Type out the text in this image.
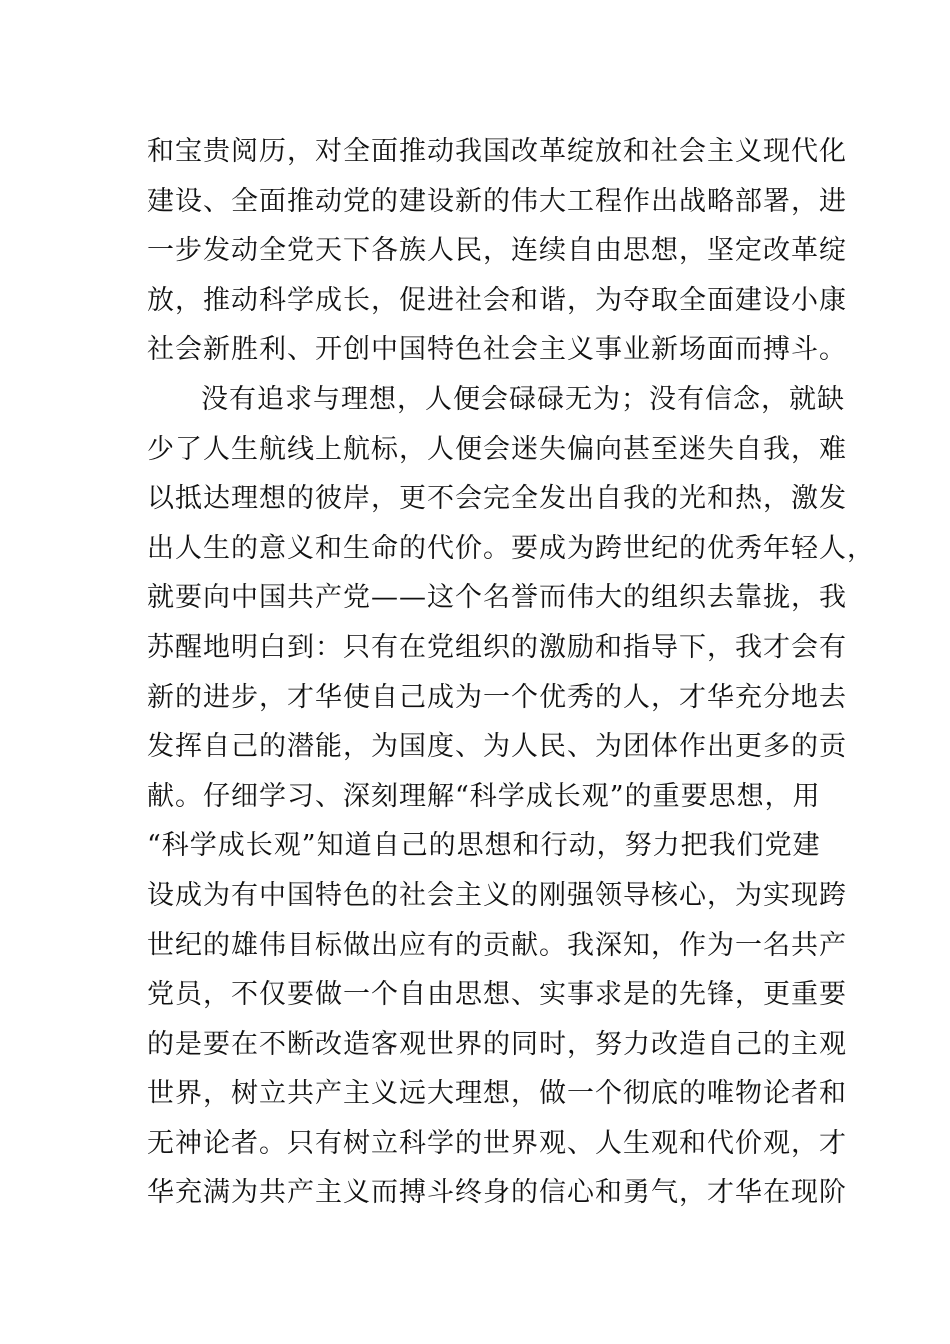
和宝贵阅历，对全面推动我国改革绽放和社会主义现代化
建设、全面推动党的建设新的伟大工程作出战略部署，进
一步发动全党天下各族人民，连续自由思想，坚定改革绽
放，推动科学成长，促进社会和谐，为夺取全面建设小康
社会新胜利、开创中国特色社会主义事业新场面而搏斗。
没有追求与理想，人便会碌碌无为；没有信念，就缺
少了人生航线上航标，人便会迷失偏向甚至迷失自我，难
以抵达理想的彼岸，更不会完全发出自我的光和热，激发
出人生的意义和生命的代价。要成为跨世纪的优秀年轻人，
就要向中国共产党——这个名誉而伟大的组织去靠拢，我
苏醒地明白到：只有在党组织的激励和指导下，我才会有
新的进步，才华使自己成为一个优秀的人，才华充分地去
发挥自己的潜能，为国度、为人民、为团体作出更多的贡
献。仔细学习、深刻理解“科学成长观”的重要思想，用
“科学成长观”知道自己的思想和行动，努力把我们党建
设成为有中国特色的社会主义的刚强领导核心，为实现跨
世纪的雄伟目标做出应有的贡献。我深知，作为一名共产
党员，不仅要做一个自由思想、实事求是的先锋，更重要
的是要在不断改造客观世界的同时，努力改造自己的主观
世界，树立共产主义远大理想，做一个彻底的唯物论者和
无神论者。只有树立科学的世界观、人生观和代价观，才
华充满为共产主义而搏斗终身的信心和勇气，才华在现阶
